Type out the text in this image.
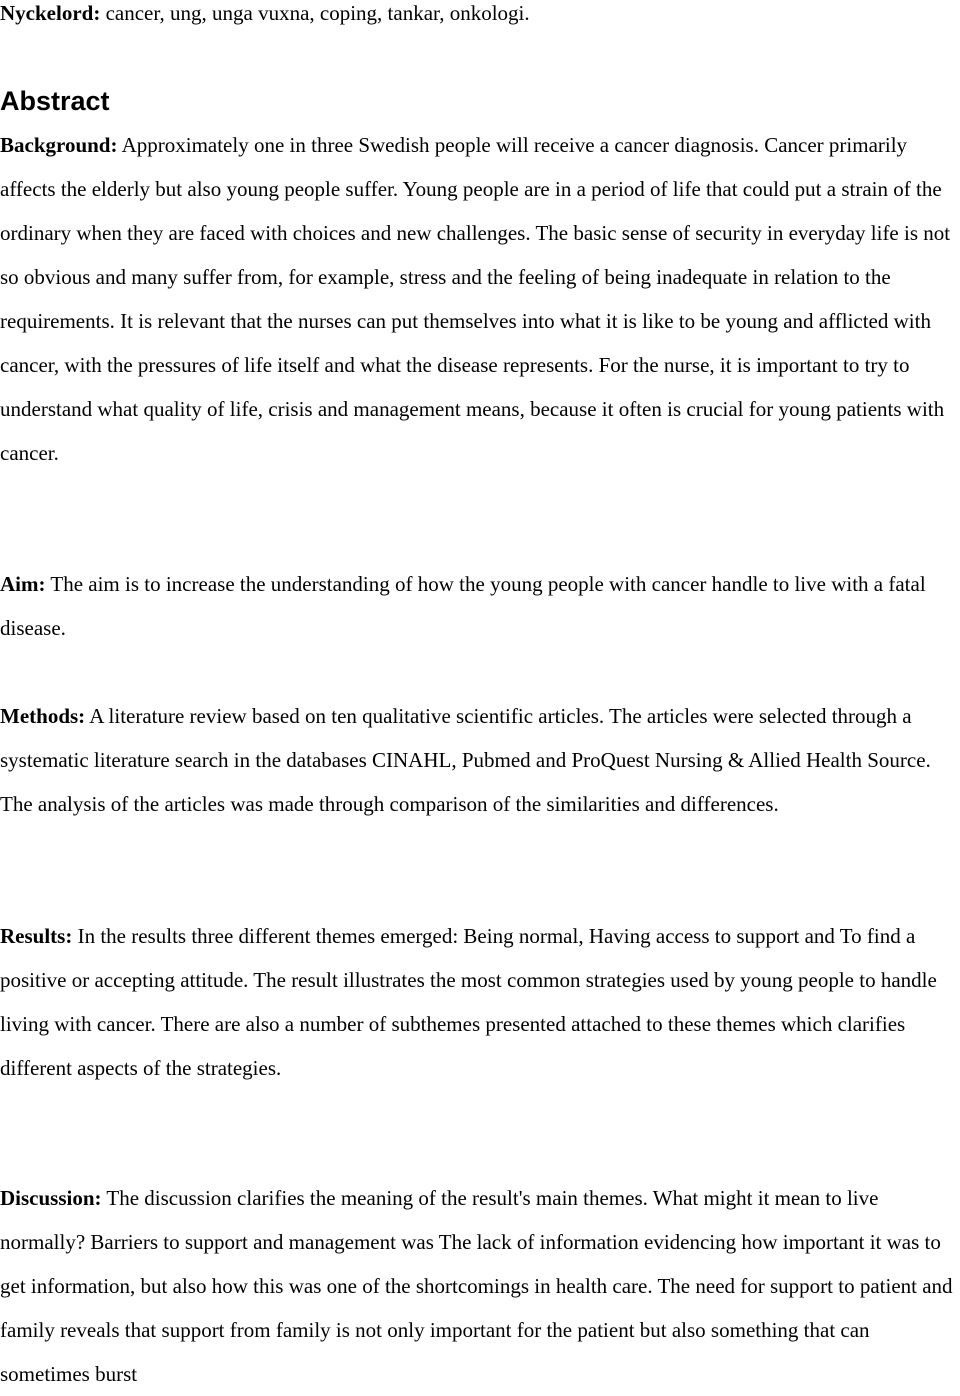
Nyckelord: cancer, ung, unga vuxna, coping, tankar, onkologi.

Abstract

Background: Approximately one in three Swedish people will receive a cancer diagnosis. Cancer primarily affects the elderly but also young people suffer. Young people are in a period of life that could put a strain of the ordinary when they are faced with choices and new challenges. The basic sense of security in everyday life is not so obvious and many suffer from, for example, stress and the feeling of being inadequate in relation to the requirements. It is relevant that the nurses can put themselves into what it is like to be young and afflicted with cancer, with the pressures of life itself and what the disease represents. For the nurse, it is important to try to understand what quality of life, crisis and management means, because it often is crucial for young patients with cancer.

Aim: The aim is to increase the understanding of how the young people with cancer handle to live with a fatal disease.

Methods: A literature review based on ten qualitative scientific articles. The articles were selected through a systematic literature search in the databases CINAHL, Pubmed and ProQuest Nursing & Allied Health Source. The analysis of the articles was made through comparison of the similarities and differences.

Results: In the results three different themes emerged: Being normal, Having access to support and To find a positive or accepting attitude. The result illustrates the most common strategies used by young people to handle living with cancer. There are also a number of subthemes presented attached to these themes which clarifies different aspects of the strategies.

Discussion: The discussion clarifies the meaning of the result's main themes. What might it mean to live normally? Barriers to support and management was The lack of information evidencing how important it was to get information, but also how this was one of the shortcomings in health care. The need for support to patient and family reveals that support from family is not only important for the patient but also something that can sometimes burst
